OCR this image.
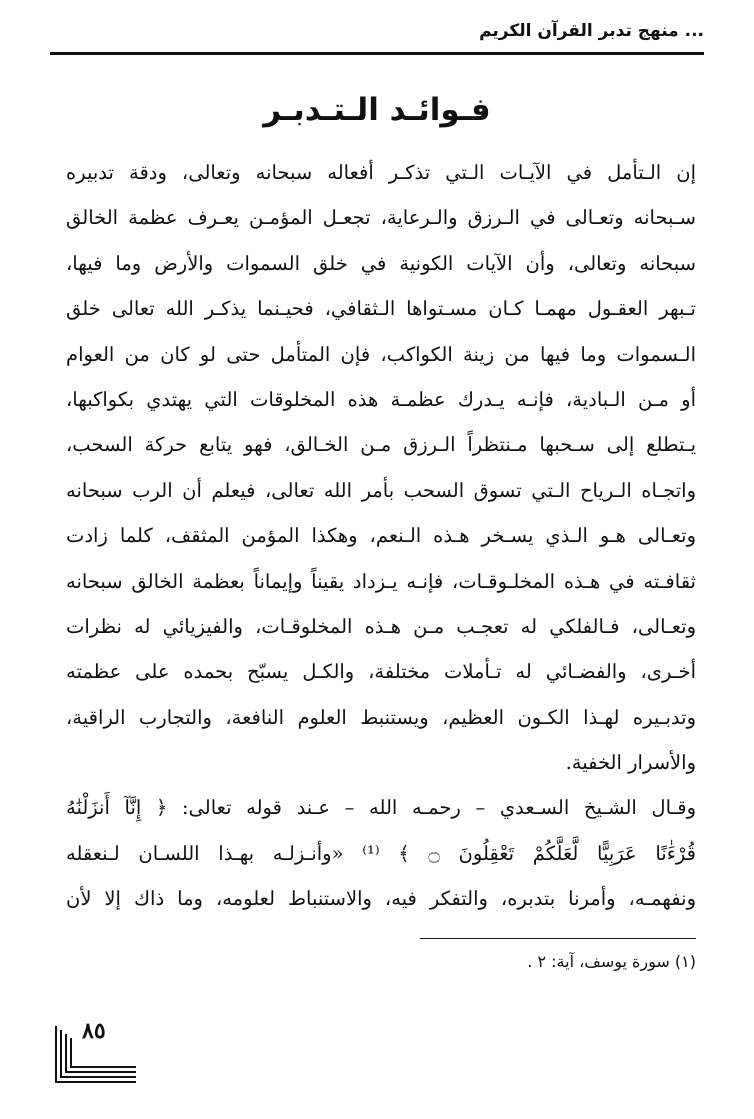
... منهج تدبر القرآن الكريم
فـوائـد الـتـدبـر
إن الـتأمل في الآيـات الـتي تذكـر أفعاله سبحانه وتعالى، ودقة تدبيره
سـبحانه وتعـالى في الـرزق والـرعاية، تجعـل المؤمـن يعـرف عظمة الخالق
سبحانه وتعالى، وأن الآيات الكونية في خلق السموات والأرض وما فيها،
تـبهر العقـول مهمـا كـان مسـتواها الـثقافي، فحيـنما يذكـر الله تعالى خلق
الـسموات وما فيها من زينة الكواكب، فإن المتأمل حتى لو كان من العوام
أو مـن الـبادية، فإنـه يـدرك عظمـة هذه المخلوقات التي يهتدي بكواكبها،
يـتطلع إلى سـحبها مـنتظراً الـرزق مـن الخـالق، فهو يتابع حركة السحب،
واتجـاه الـرياح الـتي تسوق السحب بأمر الله تعالى، فيعلم أن الرب سبحانه
وتعـالى هـو الـذي يسـخر هـذه الـنعم، وهكذا المؤمن المثقف، كلما زادت
ثقافـته في هـذه المخلـوقـات، فإنـه يـزداد يقيناً وإيماناً بعظمة الخالق سبحانه
وتعـالى، فـالفلكي له تعجـب مـن هـذه المخلوقـات، والفيزيائي له نظرات
أخـرى، والفضـائي له تـأملات مختلفة، والكـل يسبّح بحمده على عظمته
وتدبـيره لهـذا الكـون العظيم، ويستنبط العلوم النافعة، والتجارب الراقية،
والأسرار الخفية.
وقـال الشـيخ السـعدي – رحمـه الله – عـند قوله تعالى: ﴿ إِنَّآ أَنزَلْنَٰهُ
قُرْءَٰنًا عَرَبِيًّا لَّعَلَّكُمْ تَعْقِلُونَ ۝ ﴾ ⁽¹⁾ «وأنـزلـه بهـذا اللسـان لـنعقله
ونفهمـه، وأمرنا بتدبره، والتفكر فيه، والاستنباط لعلومه، وما ذاك إلا لأن
(١) سورة يوسف، آية: ٢ .
٨٥
